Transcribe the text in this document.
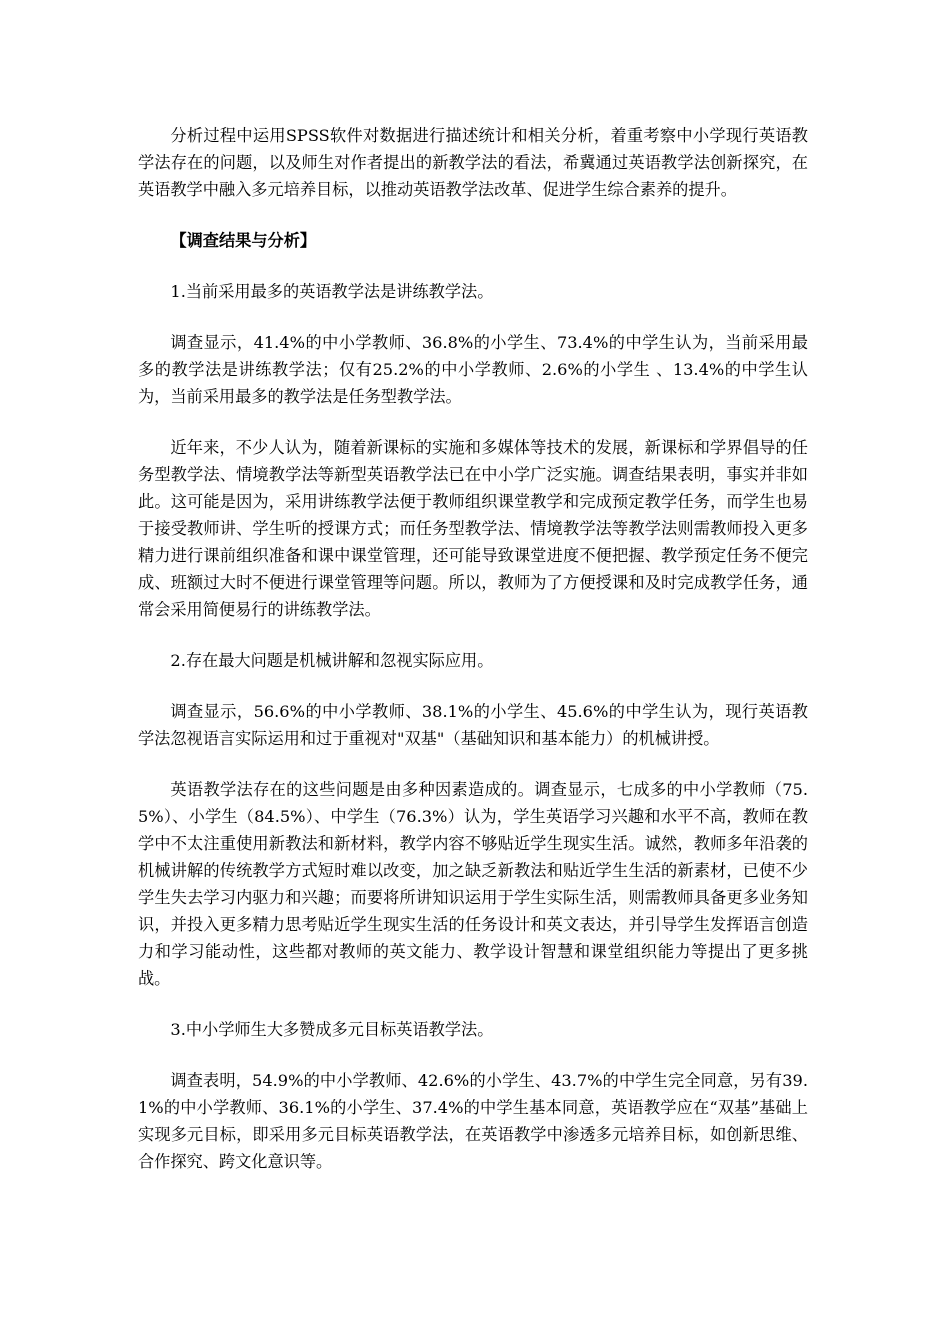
分析过程中运用SPSS软件对数据进行描述统计和相关分析，着重考察中小学现行英语教学法存在的问题，以及师生对作者提出的新教学法的看法，希冀通过英语教学法创新探究，在英语教学中融入多元培养目标，以推动英语教学法改革、促进学生综合素养的提升。

【调查结果与分析】

1.当前采用最多的英语教学法是讲练教学法。

调查显示，41.4%的中小学教师、36.8%的小学生、73.4%的中学生认为，当前采用最多的教学法是讲练教学法；仅有25.2%的中小学教师、2.6%的小学生 、13.4%的中学生认为，当前采用最多的教学法是任务型教学法。

近年来，不少人认为，随着新课标的实施和多媒体等技术的发展，新课标和学界倡导的任务型教学法、情境教学法等新型英语教学法已在中小学广泛实施。调查结果表明，事实并非如此。这可能是因为，采用讲练教学法便于教师组织课堂教学和完成预定教学任务，而学生也易于接受教师讲、学生听的授课方式；而任务型教学法、情境教学法等教学法则需教师投入更多精力进行课前组织准备和课中课堂管理，还可能导致课堂进度不便把握、教学预定任务不便完成、班额过大时不便进行课堂管理等问题。所以，教师为了方便授课和及时完成教学任务，通常会采用简便易行的讲练教学法。

2.存在最大问题是机械讲解和忽视实际应用。

调查显示，56.6%的中小学教师、38.1%的小学生、45.6%的中学生认为，现行英语教学法忽视语言实际运用和过于重视对"双基"（基础知识和基本能力）的机械讲授。

英语教学法存在的这些问题是由多种因素造成的。调查显示，七成多的中小学教师（75.5%）、小学生（84.5%）、中学生（76.3%）认为，学生英语学习兴趣和水平不高，教师在教学中不太注重使用新教法和新材料，教学内容不够贴近学生现实生活。诚然，教师多年沿袭的机械讲解的传统教学方式短时难以改变，加之缺乏新教法和贴近学生生活的新素材，已使不少学生失去学习内驱力和兴趣；而要将所讲知识运用于学生实际生活，则需教师具备更多业务知识，并投入更多精力思考贴近学生现实生活的任务设计和英文表达，并引导学生发挥语言创造力和学习能动性，这些都对教师的英文能力、教学设计智慧和课堂组织能力等提出了更多挑战。

3.中小学师生大多赞成多元目标英语教学法。

调查表明，54.9%的中小学教师、42.6%的小学生、43.7%的中学生完全同意，另有39.1%的中小学教师、36.1%的小学生、37.4%的中学生基本同意，英语教学应在“双基”基础上实现多元目标，即采用多元目标英语教学法，在英语教学中渗透多元培养目标，如创新思维、合作探究、跨文化意识等。
